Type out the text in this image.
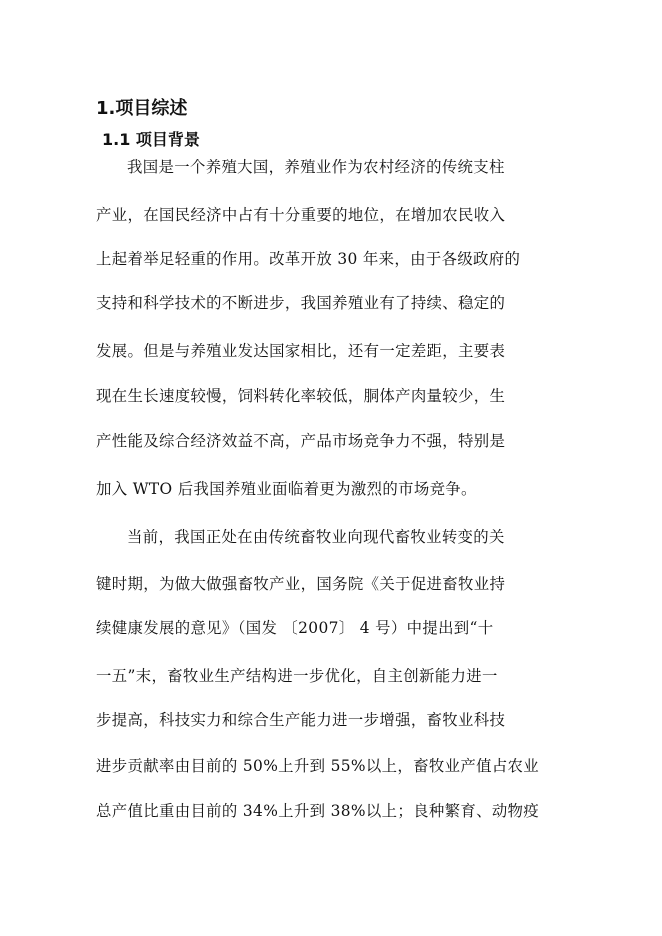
1.项目综述
1.1 项目背景
我国是一个养殖大国，养殖业作为农村经济的传统支柱
产业，在国民经济中占有十分重要的地位，在增加农民收入
上起着举足轻重的作用。改革开放 30 年来，由于各级政府的
支持和科学技术的不断进步，我国养殖业有了持续、稳定的
发展。但是与养殖业发达国家相比，还有一定差距，主要表
现在生长速度较慢，饲料转化率较低，胴体产肉量较少，生
产性能及综合经济效益不高，产品市场竞争力不强，特别是
加入 WTO 后我国养殖业面临着更为激烈的市场竞争。
当前，我国正处在由传统畜牧业向现代畜牧业转变的关
键时期，为做大做强畜牧产业，国务院《关于促进畜牧业持
续健康发展的意见》（国发 〔2007〕 4 号）中提出到“十
一五”末，畜牧业生产结构进一步优化，自主创新能力进一
步提高，科技实力和综合生产能力进一步增强，畜牧业科技
进步贡献率由目前的 50%上升到 55%以上，畜牧业产值占农业
总产值比重由目前的 34%上升到 38%以上；良种繁育、动物疫
